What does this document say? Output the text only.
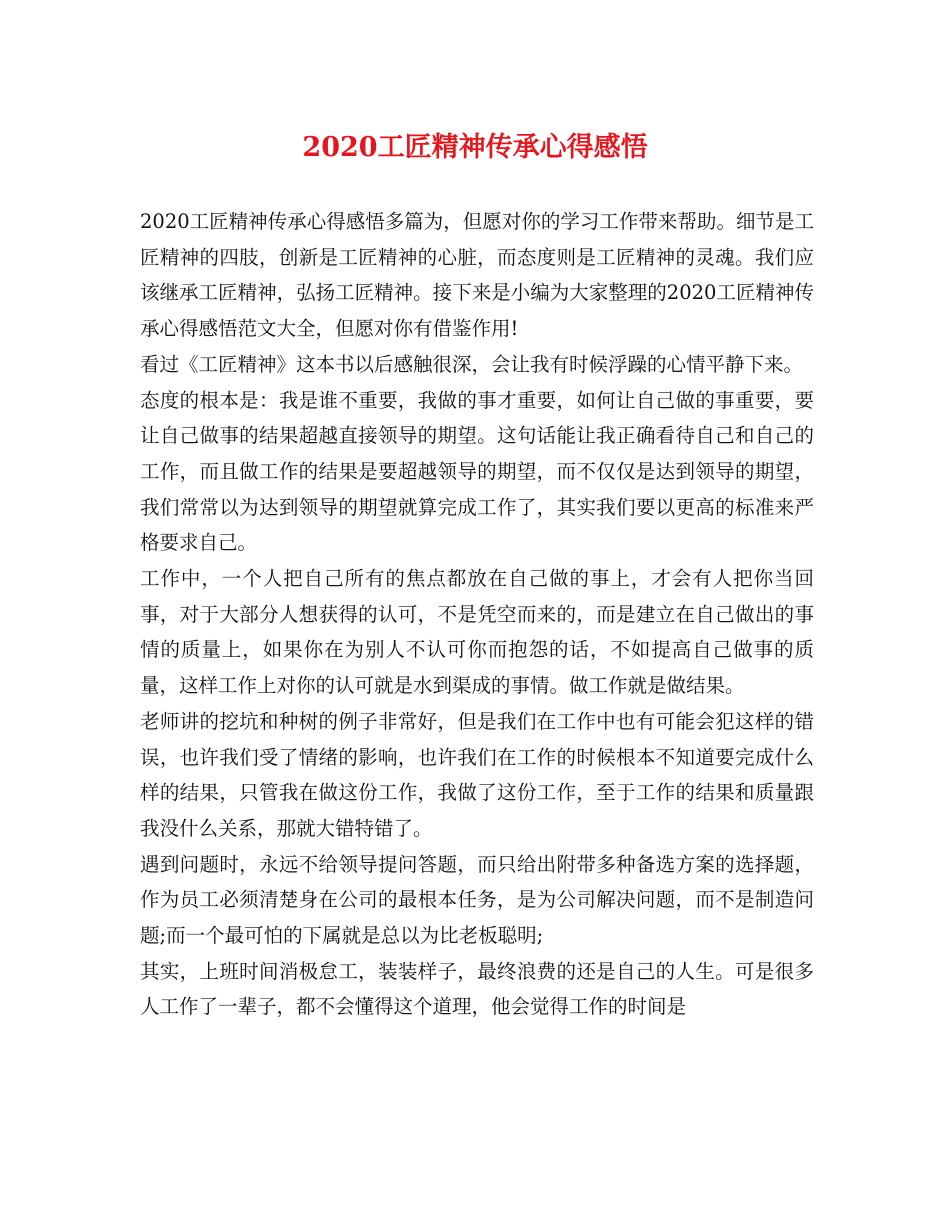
2020工匠精神传承心得感悟

2020工匠精神传承心得感悟多篇为，但愿对你的学习工作带来帮助。细节是工匠精神的四肢，创新是工匠精神的心脏，而态度则是工匠精神的灵魂。我们应该继承工匠精神，弘扬工匠精神。接下来是小编为大家整理的2020工匠精神传承心得感悟范文大全，但愿对你有借鉴作用!

看过《工匠精神》这本书以后感触很深，会让我有时候浮躁的心情平静下来。

态度的根本是：我是谁不重要，我做的事才重要，如何让自己做的事重要，要让自己做事的结果超越直接领导的期望。这句话能让我正确看待自己和自己的工作，而且做工作的结果是要超越领导的期望，而不仅仅是达到领导的期望，我们常常以为达到领导的期望就算完成工作了，其实我们要以更高的标准来严格要求自己。

工作中，一个人把自己所有的焦点都放在自己做的事上，才会有人把你当回事，对于大部分人想获得的认可，不是凭空而来的，而是建立在自己做出的事情的质量上，如果你在为别人不认可你而抱怨的话，不如提高自己做事的质量，这样工作上对你的认可就是水到渠成的事情。做工作就是做结果。

老师讲的挖坑和种树的例子非常好，但是我们在工作中也有可能会犯这样的错误，也许我们受了情绪的影响，也许我们在工作的时候根本不知道要完成什么样的结果，只管我在做这份工作，我做了这份工作，至于工作的结果和质量跟我没什么关系，那就大错特错了。

遇到问题时，永远不给领导提问答题，而只给出附带多种备选方案的选择题，作为员工必须清楚身在公司的最根本任务，是为公司解决问题，而不是制造问题;而一个最可怕的下属就是总以为比老板聪明;

其实，上班时间消极怠工，装装样子，最终浪费的还是自己的人生。可是很多人工作了一辈子，都不会懂得这个道理，他会觉得工作的时间是
